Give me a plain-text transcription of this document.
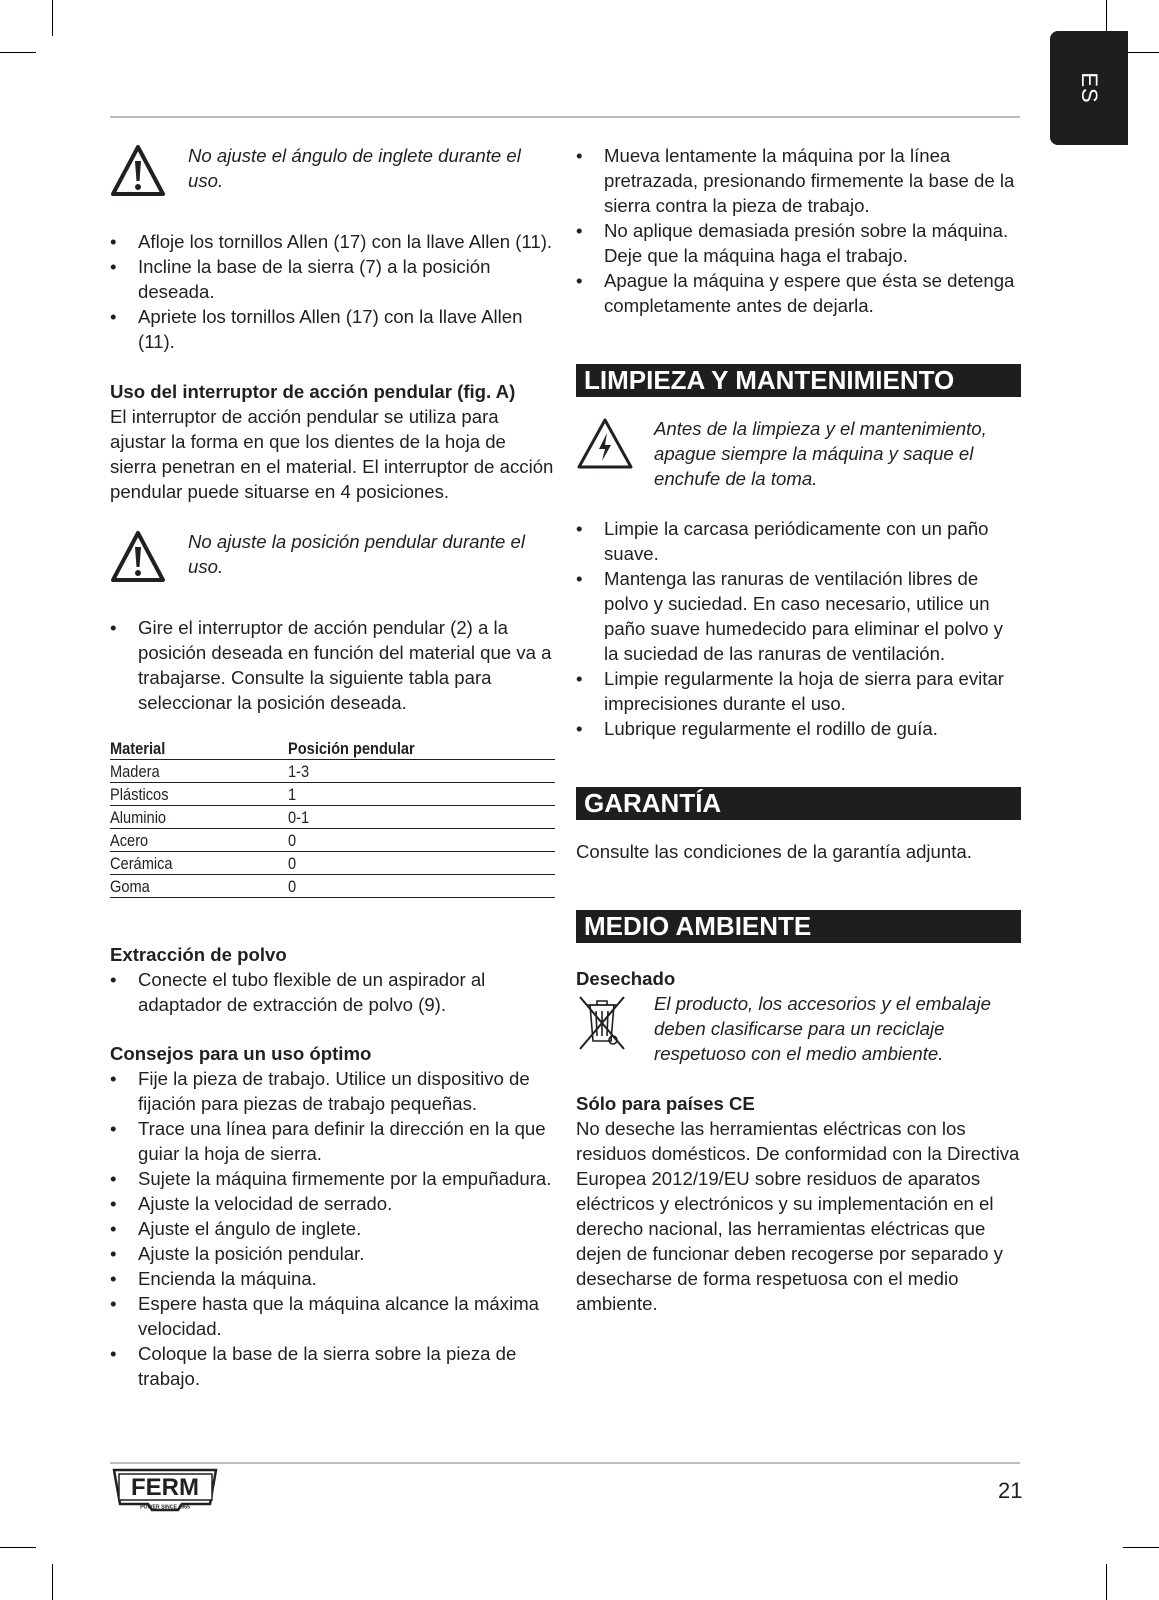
ES
No ajuste el ángulo de inglete durante el uso.
• Afloje los tornillos Allen (17) con la llave Allen (11).
• Incline la base de la sierra (7) a la posición deseada.
• Apriete los tornillos Allen (17) con la llave Allen (11).

Uso del interruptor de acción pendular (fig. A)

El interruptor de acción pendular se utiliza para ajustar la forma en que los dientes de la hoja de sierra penetran en el material. El interruptor de acción pendular puede situarse en 4 posiciones.

No ajuste la posición pendular durante el uso.
• Gire el interruptor de acción pendular (2) a la posición deseada en función del material que va a trabajarse. Consulte la siguiente tabla para seleccionar la posición deseada.
Material	Posición pendular
Madera	1-3
Plásticos	1
Aluminio	0-1
Acero	0
Cerámica	0
Goma	0

Extracción de polvo

• Conecte el tubo flexible de un aspirador al adaptador de extracción de polvo (9).

Consejos para un uso óptimo

• Fije la pieza de trabajo. Utilice un dispositivo de fijación para piezas de trabajo pequeñas.
• Trace una línea para definir la dirección en la que guiar la hoja de sierra.
• Sujete la máquina firmemente por la empuñadura.
• Ajuste la velocidad de serrado.
• Ajuste el ángulo de inglete.
• Ajuste la posición pendular.
• Encienda la máquina.
• Espere hasta que la máquina alcance la máxima velocidad.
• Coloque la base de la sierra sobre la pieza de trabajo.
• Mueva lentamente la máquina por la línea pretrazada, presionando firmemente la base de la sierra contra la pieza de trabajo.
• No aplique demasiada presión sobre la máquina. Deje que la máquina haga el trabajo.
• Apague la máquina y espere que ésta se detenga completamente antes de dejarla.
LIMPIEZA Y MANTENIMIENTO
Antes de la limpieza y el mantenimiento, apague siempre la máquina y saque el enchufe de la toma.
• Limpie la carcasa periódicamente con un paño suave.
• Mantenga las ranuras de ventilación libres de polvo y suciedad. En caso necesario, utilice un paño suave humedecido para eliminar el polvo y la suciedad de las ranuras de ventilación.
• Limpie regularmente la hoja de sierra para evitar imprecisiones durante el uso.
• Lubrique regularmente el rodillo de guía.
GARANTÍA

Consulte las condiciones de la garantía adjunta.

MEDIO AMBIENTE

Desechado

El producto, los accesorios y el embalaje deben clasificarse para un reciclaje respetuoso con el medio ambiente.

Sólo para países CE

No deseche las herramientas eléctricas con los residuos domésticos. De conformidad con la Directiva Europea 2012/19/EU sobre residuos de aparatos eléctricos y electrónicos y su implementación en el derecho nacional, las herramientas eléctricas que dejen de funcionar deben recogerse por separado y desecharse de forma respetuosa con el medio ambiente.

FERM
POWER SINCE 1965
21
